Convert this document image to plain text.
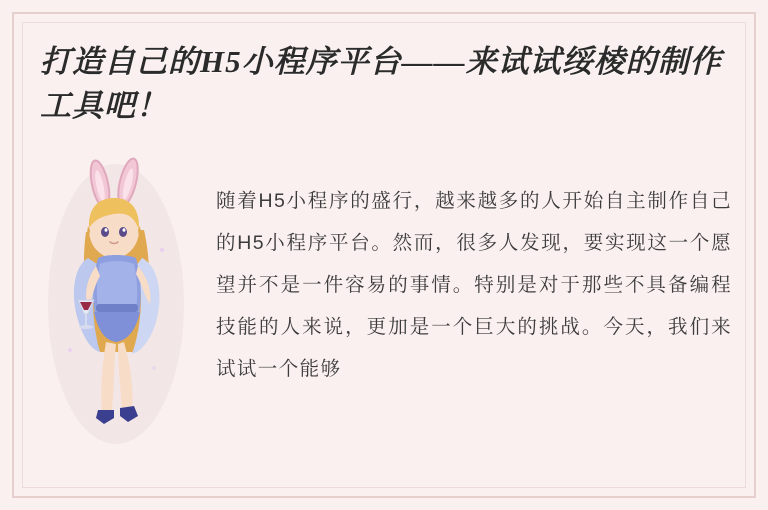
打造自己的H5小程序平台——来试试绥棱的制作工具吧！

随着H5小程序的盛行，越来越多的人开始自主制作自己的H5小程序平台。然而，很多人发现，要实现这一个愿望并不是一件容易的事情。特别是对于那些不具备编程技能的人来说，更加是一个巨大的挑战。今天，我们来试试一个能够
